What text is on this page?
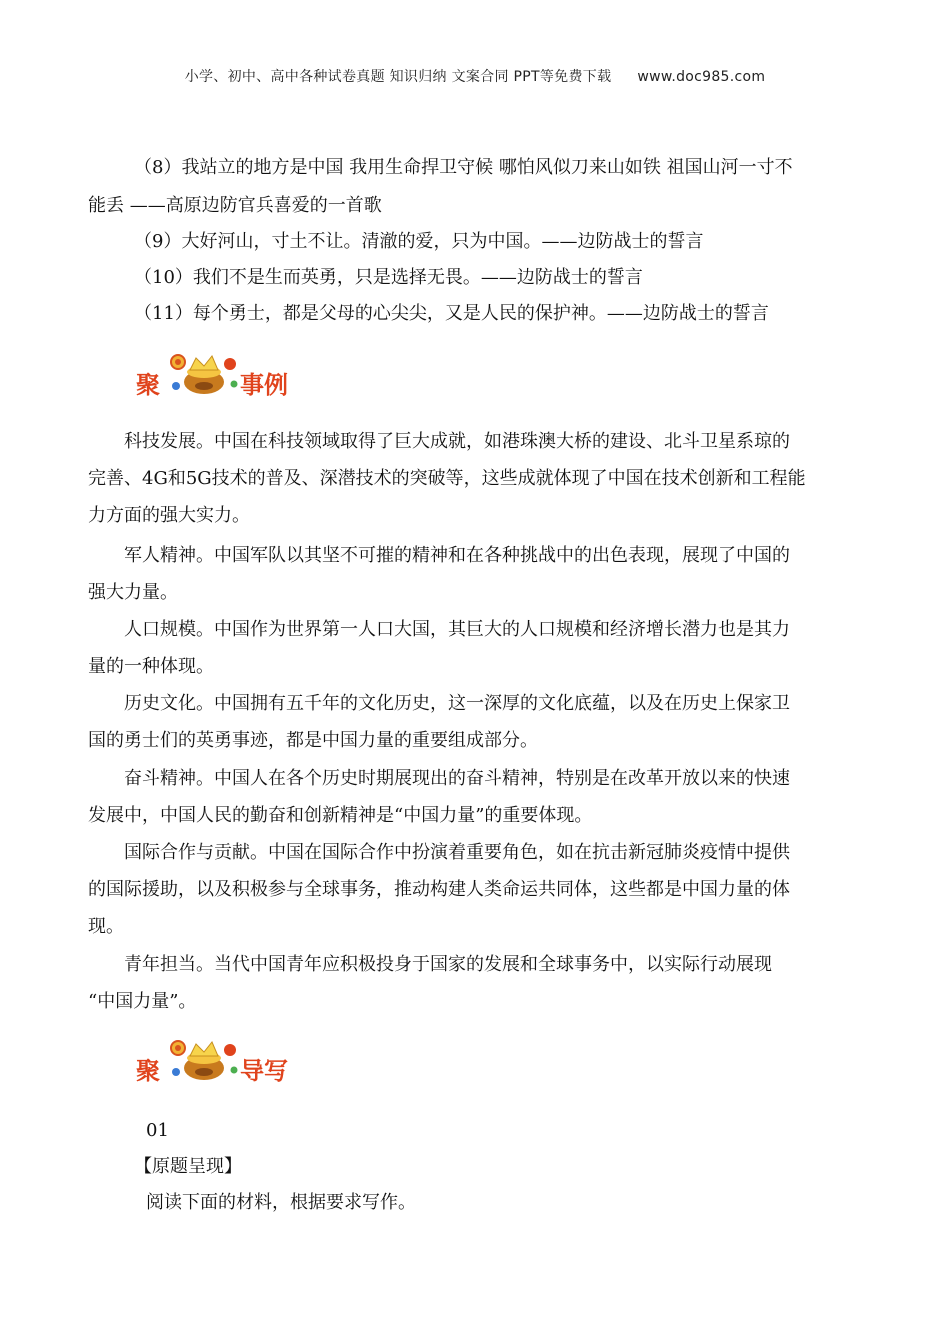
小学、初中、高中各种试卷真题 知识归纳 文案合同 PPT等免费下载 www.doc985.com
（8）我站立的地方是中国 我用生命捍卫守候 哪怕风似刀来山如铁 祖国山河一寸不
能丢 ——高原边防官兵喜爱的一首歌
（9）大好河山，寸土不让。清澈的爱，只为中国。——边防战士的誓言
（10）我们不是生而英勇，只是选择无畏。——边防战士的誓言
（11）每个勇士，都是父母的心尖尖，又是人民的保护神。——边防战士的誓言
聚	事例
科技发展。中国在科技领域取得了巨大成就，如港珠澳大桥的建设、北斗卫星系琼的
完善、4G和5G技术的普及、深潜技术的突破等，这些成就体现了中国在技术创新和工程能
力方面的强大实力。
军人精神。中国军队以其坚不可摧的精神和在各种挑战中的出色表现，展现了中国的
强大力量。
人口规模。中国作为世界第一人口大国，其巨大的人口规模和经济增长潜力也是其力
量的一种体现。
历史文化。中国拥有五千年的文化历史，这一深厚的文化底蕴，以及在历史上保家卫
国的勇士们的英勇事迹，都是中国力量的重要组成部分。
奋斗精神。中国人在各个历史时期展现出的奋斗精神，特别是在改革开放以来的快速
发展中，中国人民的勤奋和创新精神是“中国力量”的重要体现。
国际合作与贡献。中国在国际合作中扮演着重要角色，如在抗击新冠肺炎疫情中提供
的国际援助，以及积极参与全球事务，推动构建人类命运共同体，这些都是中国力量的体
现。
青年担当。当代中国青年应积极投身于国家的发展和全球事务中，以实际行动展现
“中国力量”。
聚	导写
01
【原题呈现】
阅读下面的材料，根据要求写作。
